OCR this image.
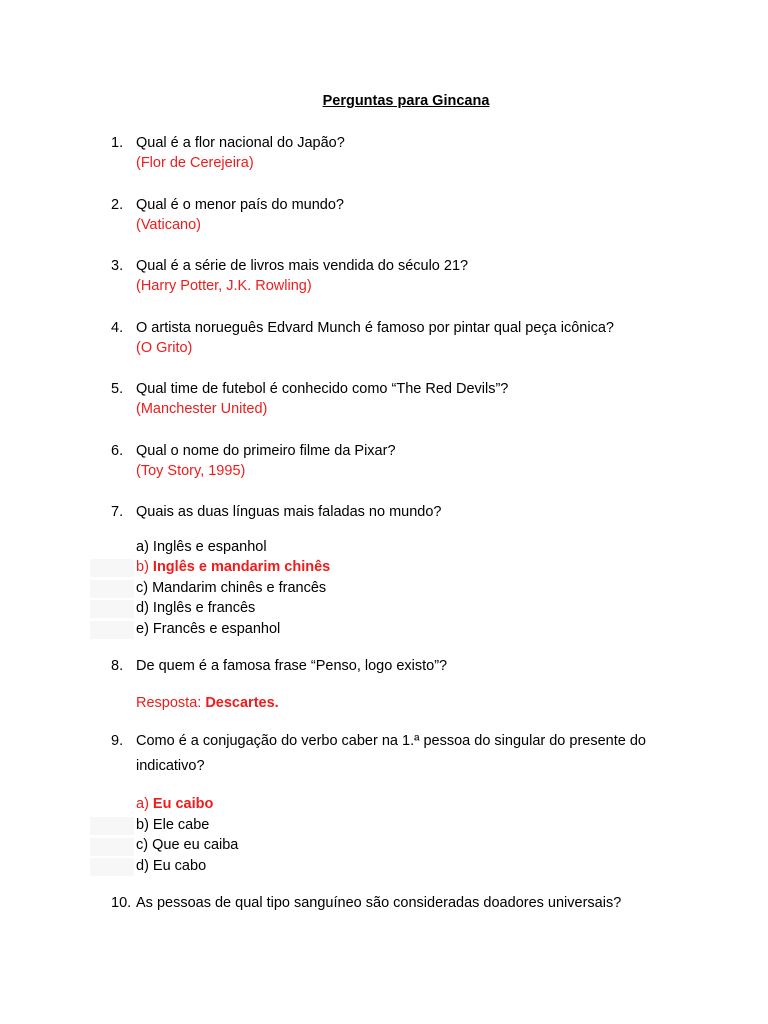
Perguntas para Gincana
1. Qual é a flor nacional do Japão?
(Flor de Cerejeira)
2. Qual é o menor país do mundo?
(Vaticano)
3. Qual é a série de livros mais vendida do século 21?
(Harry Potter, J.K. Rowling)
4. O artista norueguês Edvard Munch é famoso por pintar qual peça icônica?
(O Grito)
5. Qual time de futebol é conhecido como “The Red Devils”?
(Manchester United)
6. Qual o nome do primeiro filme da Pixar?
(Toy Story, 1995)
7. Quais as duas línguas mais faladas no mundo?
a) Inglês e espanhol
b) Inglês e mandarim chinês
c) Mandarim chinês e francês
d) Inglês e francês
e) Francês e espanhol
8. De quem é a famosa frase “Penso, logo existo”?
Resposta: Descartes.
9. Como é a conjugação do verbo caber na 1.ª pessoa do singular do presente do
indicativo?
a) Eu caibo
b) Ele cabe
c) Que eu caiba
d) Eu cabo
10. As pessoas de qual tipo sanguíneo são consideradas doadores universais?
